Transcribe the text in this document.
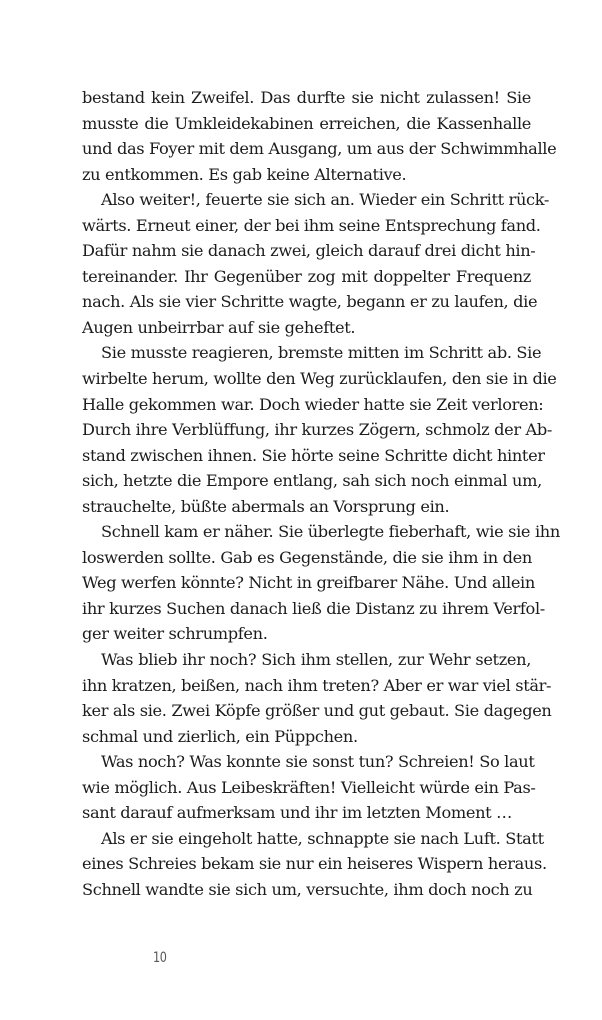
bestand kein Zweifel. Das durfte sie nicht zulassen! Sie
musste die Umkleidekabinen erreichen, die Kassenhalle
und das Foyer mit dem Ausgang, um aus der Schwimmhalle
zu entkommen. Es gab keine Alternative.
Also weiter!, feuerte sie sich an. Wieder ein Schritt rück-
wärts. Erneut einer, der bei ihm seine Entsprechung fand.
Dafür nahm sie danach zwei, gleich darauf drei dicht hin-
tereinander. Ihr Gegenüber zog mit doppelter Frequenz
nach. Als sie vier Schritte wagte, begann er zu laufen, die
Augen unbeirrbar auf sie geheftet.
Sie musste reagieren, bremste mitten im Schritt ab. Sie
wirbelte herum, wollte den Weg zurücklaufen, den sie in die
Halle gekommen war. Doch wieder hatte sie Zeit verloren:
Durch ihre Verblüffung, ihr kurzes Zögern, schmolz der Ab-
stand zwischen ihnen. Sie hörte seine Schritte dicht hinter
sich, hetzte die Empore entlang, sah sich noch einmal um,
strauchelte, büßte abermals an Vorsprung ein.
Schnell kam er näher. Sie überlegte fieberhaft, wie sie ihn
loswerden sollte. Gab es Gegenstände, die sie ihm in den
Weg werfen könnte? Nicht in greifbarer Nähe. Und allein
ihr kurzes Suchen danach ließ die Distanz zu ihrem Verfol-
ger weiter schrumpfen.
Was blieb ihr noch? Sich ihm stellen, zur Wehr setzen,
ihn kratzen, beißen, nach ihm treten? Aber er war viel stär-
ker als sie. Zwei Köpfe größer und gut gebaut. Sie dagegen
schmal und zierlich, ein Püppchen.
Was noch? Was konnte sie sonst tun? Schreien! So laut
wie möglich. Aus Leibeskräften! Vielleicht würde ein Pas-
sant darauf aufmerksam und ihr im letzten Moment …
Als er sie eingeholt hatte, schnappte sie nach Luft. Statt
eines Schreies bekam sie nur ein heiseres Wispern heraus.
Schnell wandte sie sich um, versuchte, ihm doch noch zu
10
